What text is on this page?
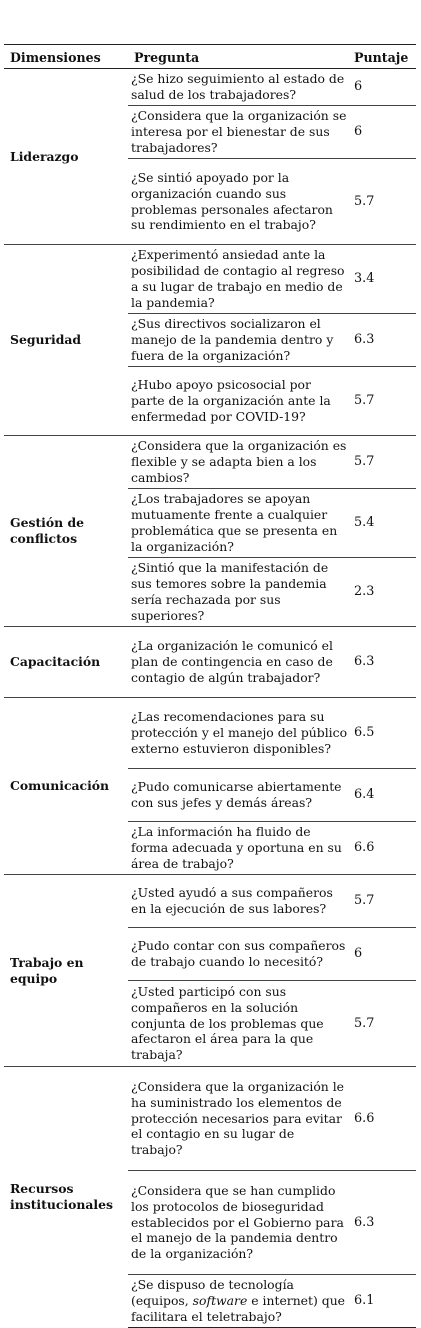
Dimensiones	Pregunta	Puntaje
Liderazgo	¿Se hizo seguimiento al estado de salud de los trabajadores?	6
	¿Considera que la organización se interesa por el bienestar de sus trabajadores?	6
	¿Se sintió apoyado por la organización cuando sus problemas personales afectaron su rendimiento en el trabajo?	5.7
Seguridad	¿Experimentó ansiedad ante la posibilidad de contagio al regreso a su lugar de trabajo en medio de la pandemia?	3.4
	¿Sus directivos socializaron el manejo de la pandemia dentro y fuera de la organización?	6.3
	¿Hubo apoyo psicosocial por parte de la organización ante la enfermedad por COVID-19?	5.7
Gestión de conflictos	¿Considera que la organización es flexible y se adapta bien a los cambios?	5.7
	¿Los trabajadores se apoyan mutuamente frente a cualquier problemática que se presenta en la organización?	5.4
	¿Sintió que la manifestación de sus temores sobre la pandemia sería rechazada por sus superiores?	2.3
Capacitación	¿La organización le comunicó el plan de contingencia en caso de contagio de algún trabajador?	6.3
Comunicación	¿Las recomendaciones para su protección y el manejo del público externo estuvieron disponibles?	6.5
	¿Pudo comunicarse abiertamente con sus jefes y demás áreas?	6.4
	¿La información ha fluido de forma adecuada y oportuna en su área de trabajo?	6.6
Trabajo en equipo	¿Usted ayudó a sus compañeros en la ejecución de sus labores?	5.7
	¿Pudo contar con sus compañeros de trabajo cuando lo necesitó?	6
	¿Usted participó con sus compañeros en la solución conjunta de los problemas que afectaron el área para la que trabaja?	5.7
Recursos institucionales	¿Considera que la organización le ha suministrado los elementos de protección necesarios para evitar el contagio en su lugar de trabajo?	6.6
	¿Considera que se han cumplido los protocolos de bioseguridad establecidos por el Gobierno para el manejo de la pandemia dentro de la organización?	6.3
	¿Se dispuso de tecnología (equipos, software e internet) que facilitara el teletrabajo?	6.1
